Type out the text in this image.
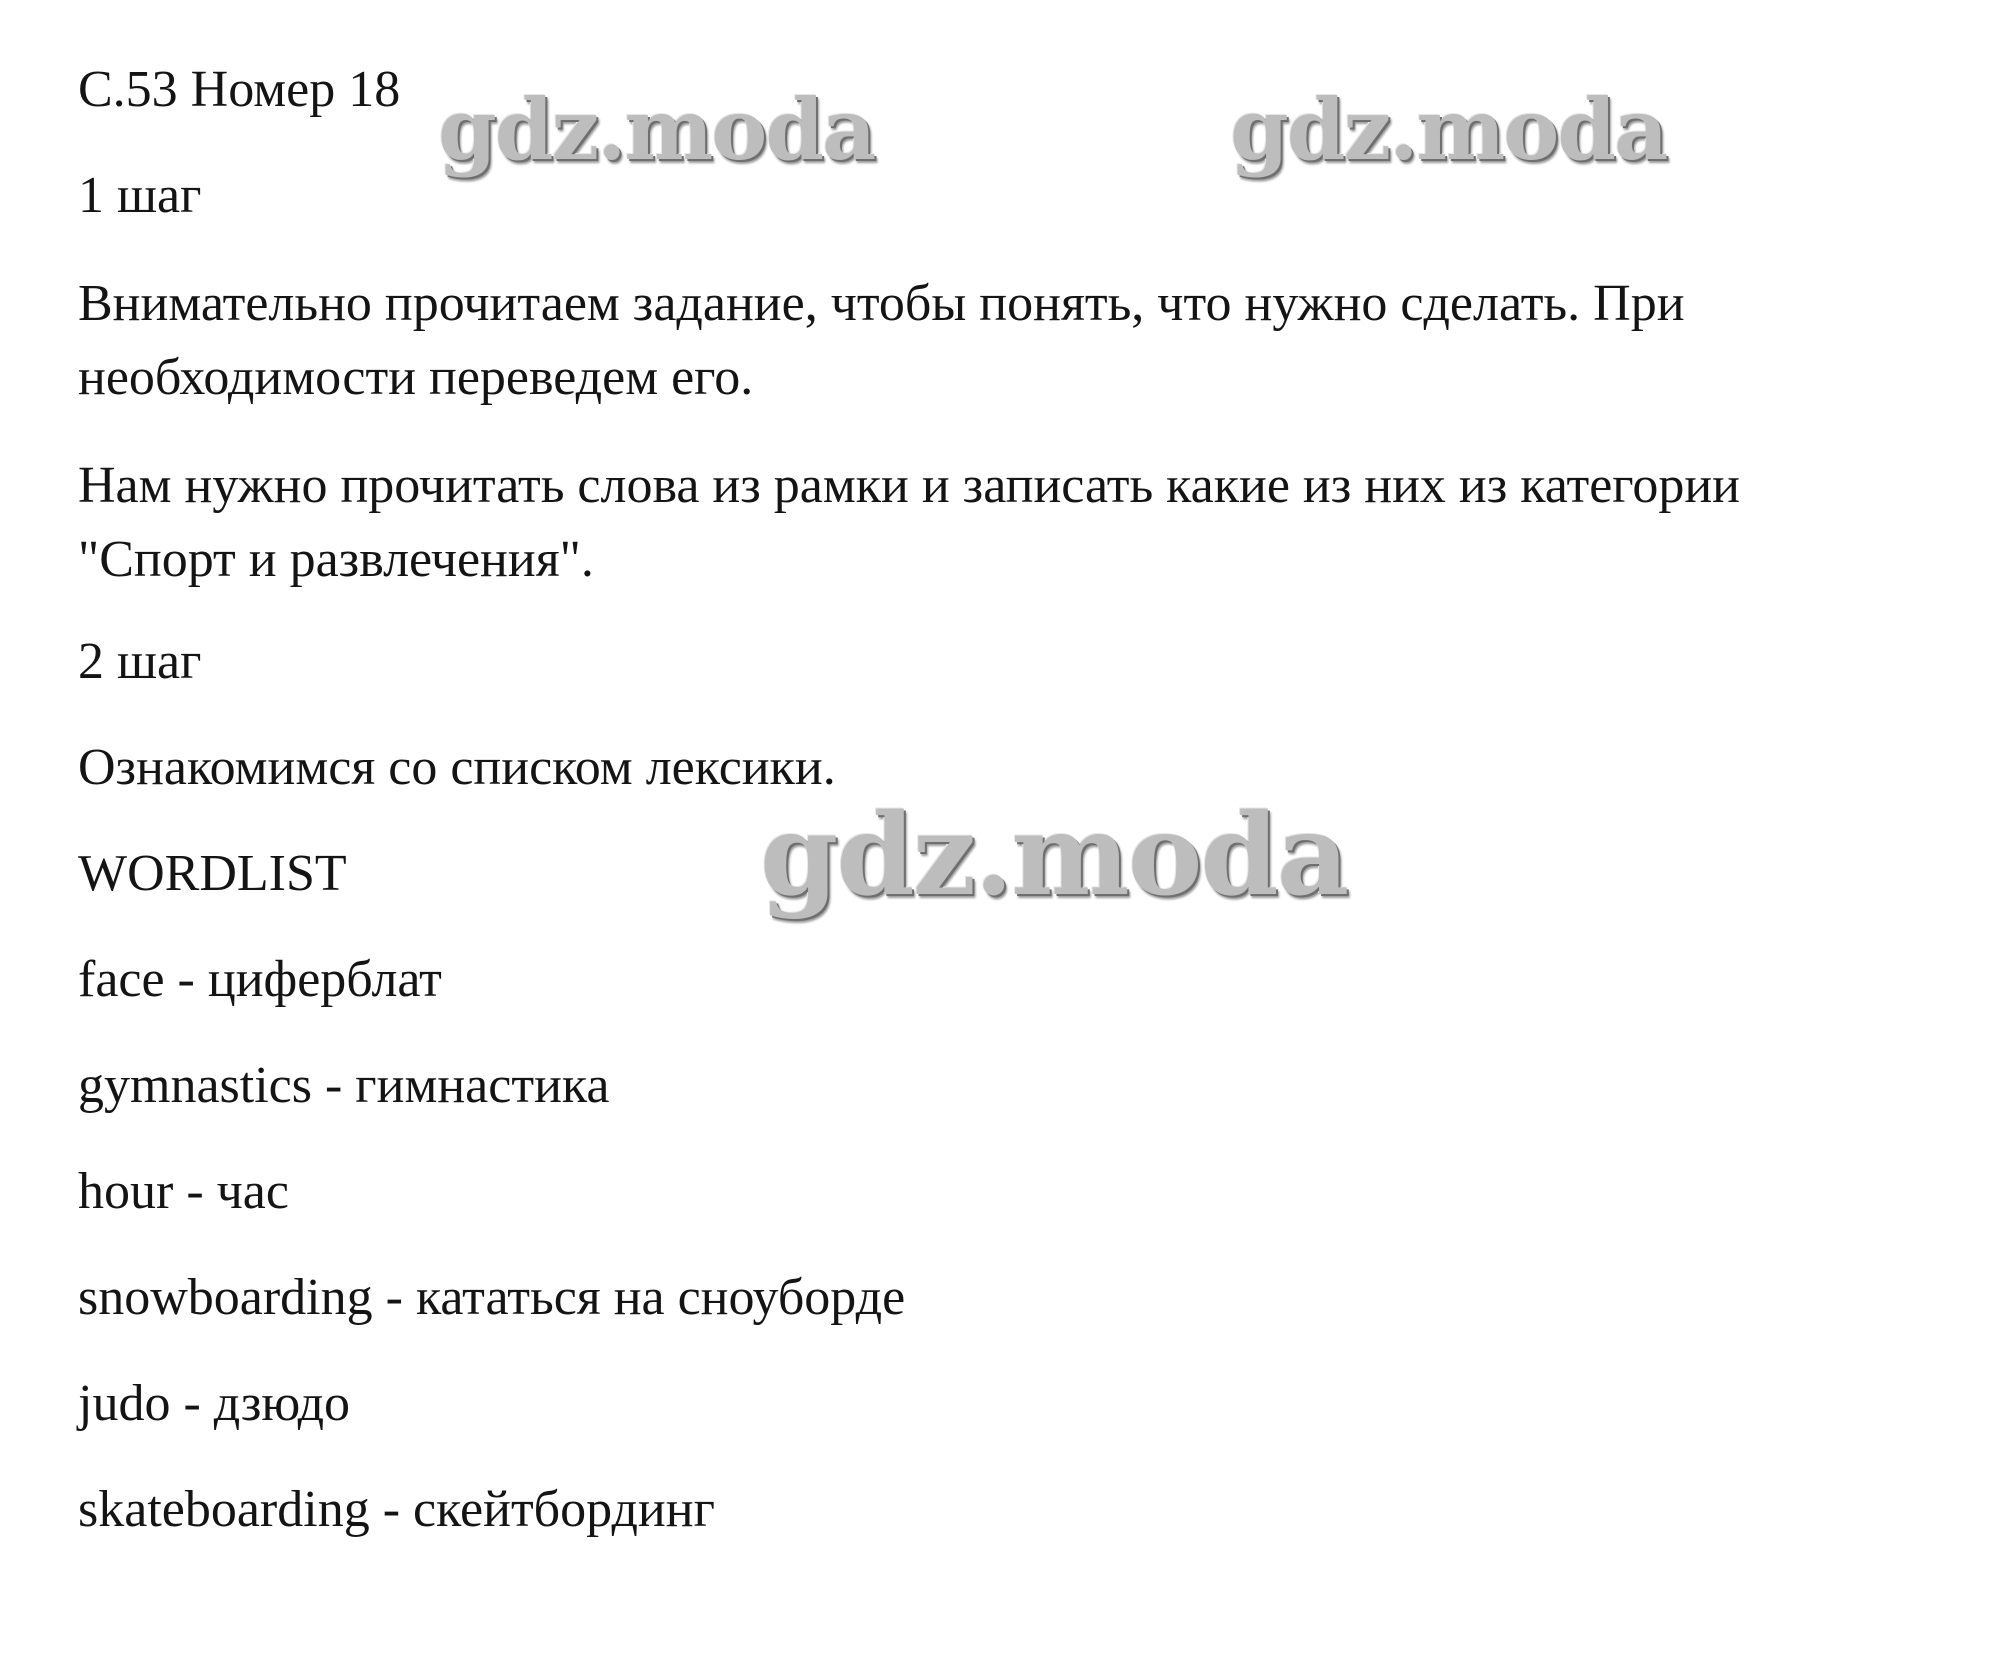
С.53 Номер 18

1 шаг

Внимательно прочитаем задание, чтобы понять, что нужно сделать. При

необходимости переведем его.

Нам нужно прочитать слова из рамки и записать какие из них из категории

"Спорт и развлечения".

2 шаг

Ознакомимся со списком лексики.

WORDLIST

face - циферблат

gymnastics - гимнастика

hour - час

snowboarding - кататься на сноуборде

judo - дзюдо

skateboarding - скейтбординг

gdz.moda	gdz.moda
gdz.moda
